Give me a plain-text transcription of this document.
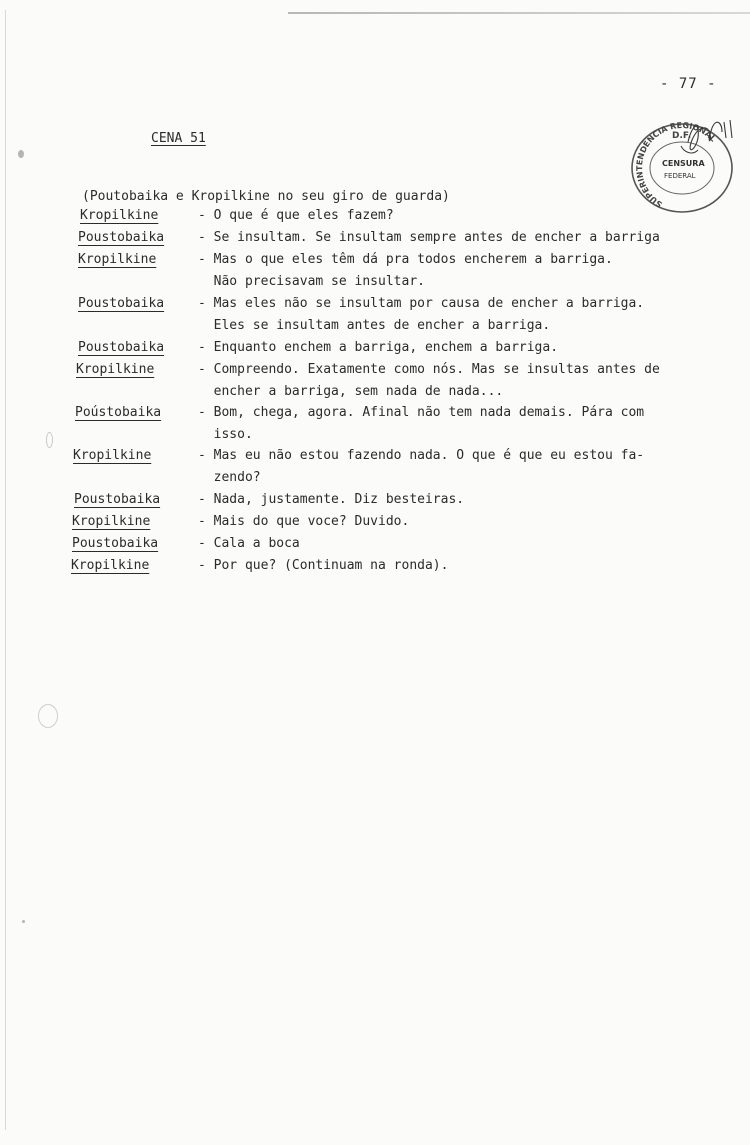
- 77 -
SUPERINTENDÊNCIA REGIONAL
D.F.
CENSURA
FEDERAL
CENA 51
(Poutobaika e Kropilkine no seu giro de guarda)
Kropilkine	- O que é que eles fazem?
Poustobaika	- Se insultam. Se insultam sempre antes de encher a barriga
Kropilkine	- Mas o que eles têm dá pra todos encherem a barriga.
Não precisavam se insultar.
Poustobaika	- Mas eles não se insultam por causa de encher a barriga.
Eles se insultam antes de encher a barriga.
Poustobaika	- Enquanto enchem a barriga, enchem a barriga.
Kropilkine	- Compreendo. Exatamente como nós. Mas se insultas antes de
encher a barriga, sem nada de nada...
Poústobaika	- Bom, chega, agora. Afinal não tem nada demais. Pára com
isso.
Kropilkine	- Mas eu não estou fazendo nada. O que é que eu estou fa-
zendo?
Poustobaika	- Nada, justamente. Diz besteiras.
Kropilkine	- Mais do que voce? Duvido.
Poustobaika	- Cala a boca
Kropilkine	- Por que? (Continuam na ronda).
